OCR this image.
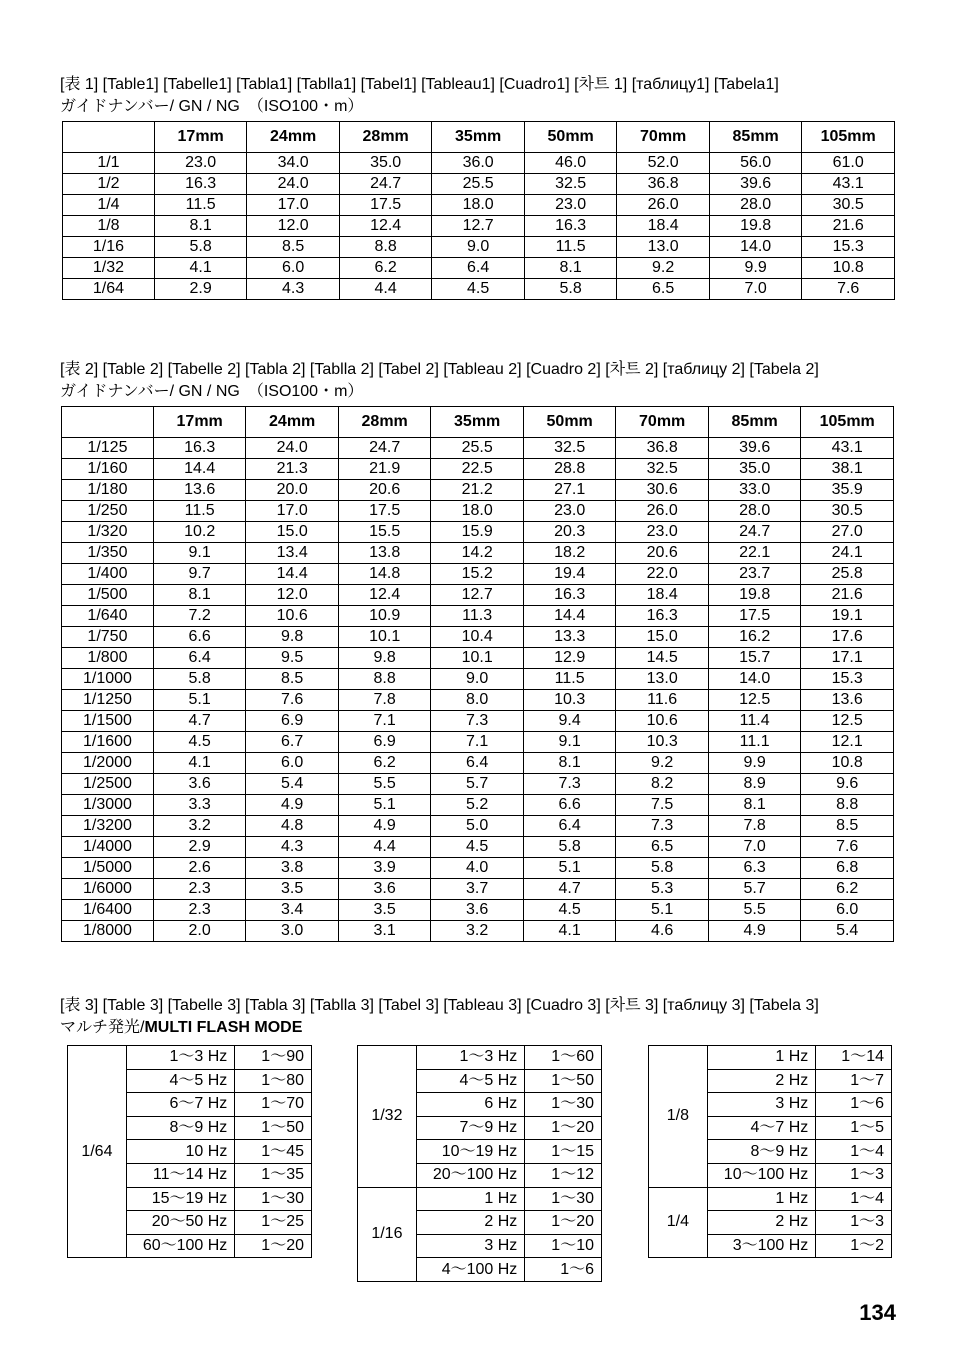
[表 1] [Table1] [Tabelle1] [Tabla1] [Tablla1] [Tabel1] [Tableau1] [Cuadro1] [차트 1] [таблицу1] [Tabela1]
ガイドナンバー/ GN / NG　（ISO100・m）
	17mm	24mm	28mm	35mm	50mm	70mm	85mm	105mm
1/1	23.0	34.0	35.0	36.0	46.0	52.0	56.0	61.0
1/2	16.3	24.0	24.7	25.5	32.5	36.8	39.6	43.1
1/4	11.5	17.0	17.5	18.0	23.0	26.0	28.0	30.5
1/8	8.1	12.0	12.4	12.7	16.3	18.4	19.8	21.6
1/16	5.8	8.5	8.8	9.0	11.5	13.0	14.0	15.3
1/32	4.1	6.0	6.2	6.4	8.1	9.2	9.9	10.8
1/64	2.9	4.3	4.4	4.5	5.8	6.5	7.0	7.6
[表 2] [Table 2] [Tabelle 2] [Tabla 2] [Tablla 2] [Tabel 2] [Tableau 2] [Cuadro 2] [차트 2] [таблицу 2] [Tabela 2]
ガイドナンバー/ GN / NG　（ISO100・m）
	17mm	24mm	28mm	35mm	50mm	70mm	85mm	105mm
1/125	16.3	24.0	24.7	25.5	32.5	36.8	39.6	43.1
1/160	14.4	21.3	21.9	22.5	28.8	32.5	35.0	38.1
1/180	13.6	20.0	20.6	21.2	27.1	30.6	33.0	35.9
1/250	11.5	17.0	17.5	18.0	23.0	26.0	28.0	30.5
1/320	10.2	15.0	15.5	15.9	20.3	23.0	24.7	27.0
1/350	9.1	13.4	13.8	14.2	18.2	20.6	22.1	24.1
1/400	9.7	14.4	14.8	15.2	19.4	22.0	23.7	25.8
1/500	8.1	12.0	12.4	12.7	16.3	18.4	19.8	21.6
1/640	7.2	10.6	10.9	11.3	14.4	16.3	17.5	19.1
1/750	6.6	9.8	10.1	10.4	13.3	15.0	16.2	17.6
1/800	6.4	9.5	9.8	10.1	12.9	14.5	15.7	17.1
1/1000	5.8	8.5	8.8	9.0	11.5	13.0	14.0	15.3
1/1250	5.1	7.6	7.8	8.0	10.3	11.6	12.5	13.6
1/1500	4.7	6.9	7.1	7.3	9.4	10.6	11.4	12.5
1/1600	4.5	6.7	6.9	7.1	9.1	10.3	11.1	12.1
1/2000	4.1	6.0	6.2	6.4	8.1	9.2	9.9	10.8
1/2500	3.6	5.4	5.5	5.7	7.3	8.2	8.9	9.6
1/3000	3.3	4.9	5.1	5.2	6.6	7.5	8.1	8.8
1/3200	3.2	4.8	4.9	5.0	6.4	7.3	7.8	8.5
1/4000	2.9	4.3	4.4	4.5	5.8	6.5	7.0	7.6
1/5000	2.6	3.8	3.9	4.0	5.1	5.8	6.3	6.8
1/6000	2.3	3.5	3.6	3.7	4.7	5.3	5.7	6.2
1/6400	2.3	3.4	3.5	3.6	4.5	5.1	5.5	6.0
1/8000	2.0	3.0	3.1	3.2	4.1	4.6	4.9	5.4
[表 3] [Table 3] [Tabelle 3] [Tabla 3] [Tablla 3] [Tabel 3] [Tableau 3] [Cuadro 3] [차트 3] [таблицу 3] [Tabela 3]
マルチ発光/MULTI FLASH MODE
1/64	1～3 Hz	1～90
	4～5 Hz	1～80
	6～7 Hz	1～70
	8～9 Hz	1～50
	10 Hz	1～45
	11～14 Hz	1～35
	15～19 Hz	1～30
	20～50 Hz	1～25
	60～100 Hz	1～20
1/32	1～3 Hz	1～60
	4～5 Hz	1～50
	6 Hz	1～30
	7～9 Hz	1～20
	10～19 Hz	1～15
	20～100 Hz	1～12
1/16	1 Hz	1～30
	2 Hz	1～20
	3 Hz	1～10
	4～100 Hz	1～6
1/8	1 Hz	1～14
	2 Hz	1～7
	3 Hz	1～6
	4～7 Hz	1～5
	8～9 Hz	1～4
	10～100 Hz	1～3
1/4	1 Hz	1～4
	2 Hz	1～3
	3～100 Hz	1～2
134
